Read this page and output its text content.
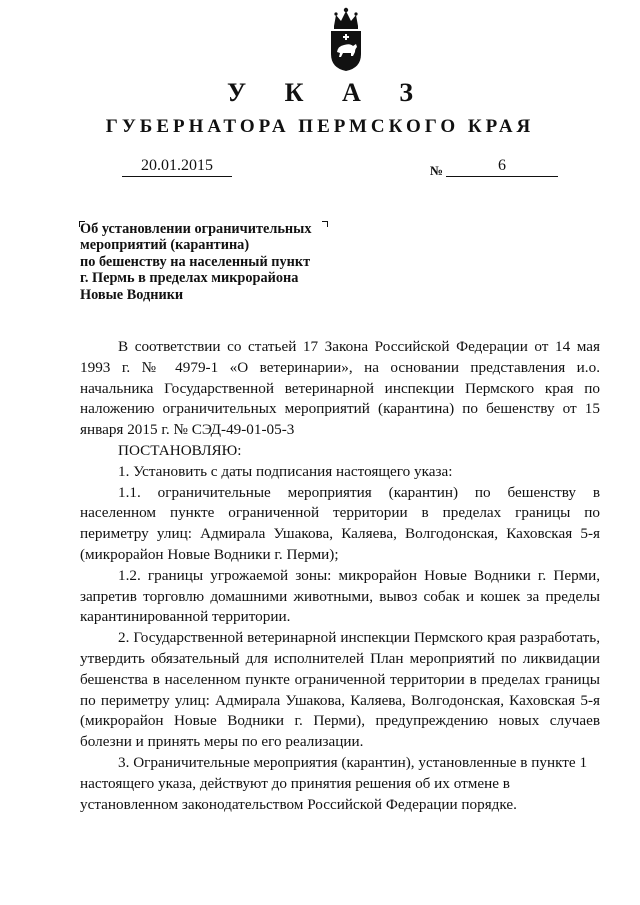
У К А З
ГУБЕРНАТОРА ПЕРМСКОГО КРАЯ
20.01.2015	№	6
Об установлении ограничительных
мероприятий (карантина)
по бешенству на населенный пункт
г. Пермь в пределах микрорайона
Новые Водники

В соответствии со статьей 17 Закона Российской Федерации от 14 мая 1993 г. № 4979-1 «О ветеринарии», на основании представления и.о. начальника Государственной ветеринарной инспекции Пермского края по наложению ограничительных мероприятий (карантина) по бешенству от 15 января 2015 г. № СЭД-49-01-05-3

ПОСТАНОВЛЯЮ:

1. Установить с даты подписания настоящего указа:

1.1. ограничительные мероприятия (карантин) по бешенству в населенном пункте ограниченной территории в пределах границы по периметру улиц: Адмирала Ушакова, Каляева, Волгодонская, Каховская 5-я (микрорайон Новые Водники г. Перми);

1.2. границы угрожаемой зоны: микрорайон Новые Водники г. Перми, запретив торговлю домашними животными, вывоз собак и кошек за пределы карантинированной территории.

2. Государственной ветеринарной инспекции Пермского края разработать, утвердить обязательный для исполнителей План мероприятий по ликвидации бешенства в населенном пункте ограниченной территории в пределах границы по периметру улиц: Адмирала Ушакова, Каляева, Волгодонская, Каховская 5-я (микрорайон Новые Водники г. Перми), предупреждению новых случаев болезни и принять меры по его реализации.

3. Ограничительные мероприятия (карантин), установленные в пункте 1 настоящего указа, действуют до принятия решения об их отмене в установленном законодательством Российской Федерации порядке.
